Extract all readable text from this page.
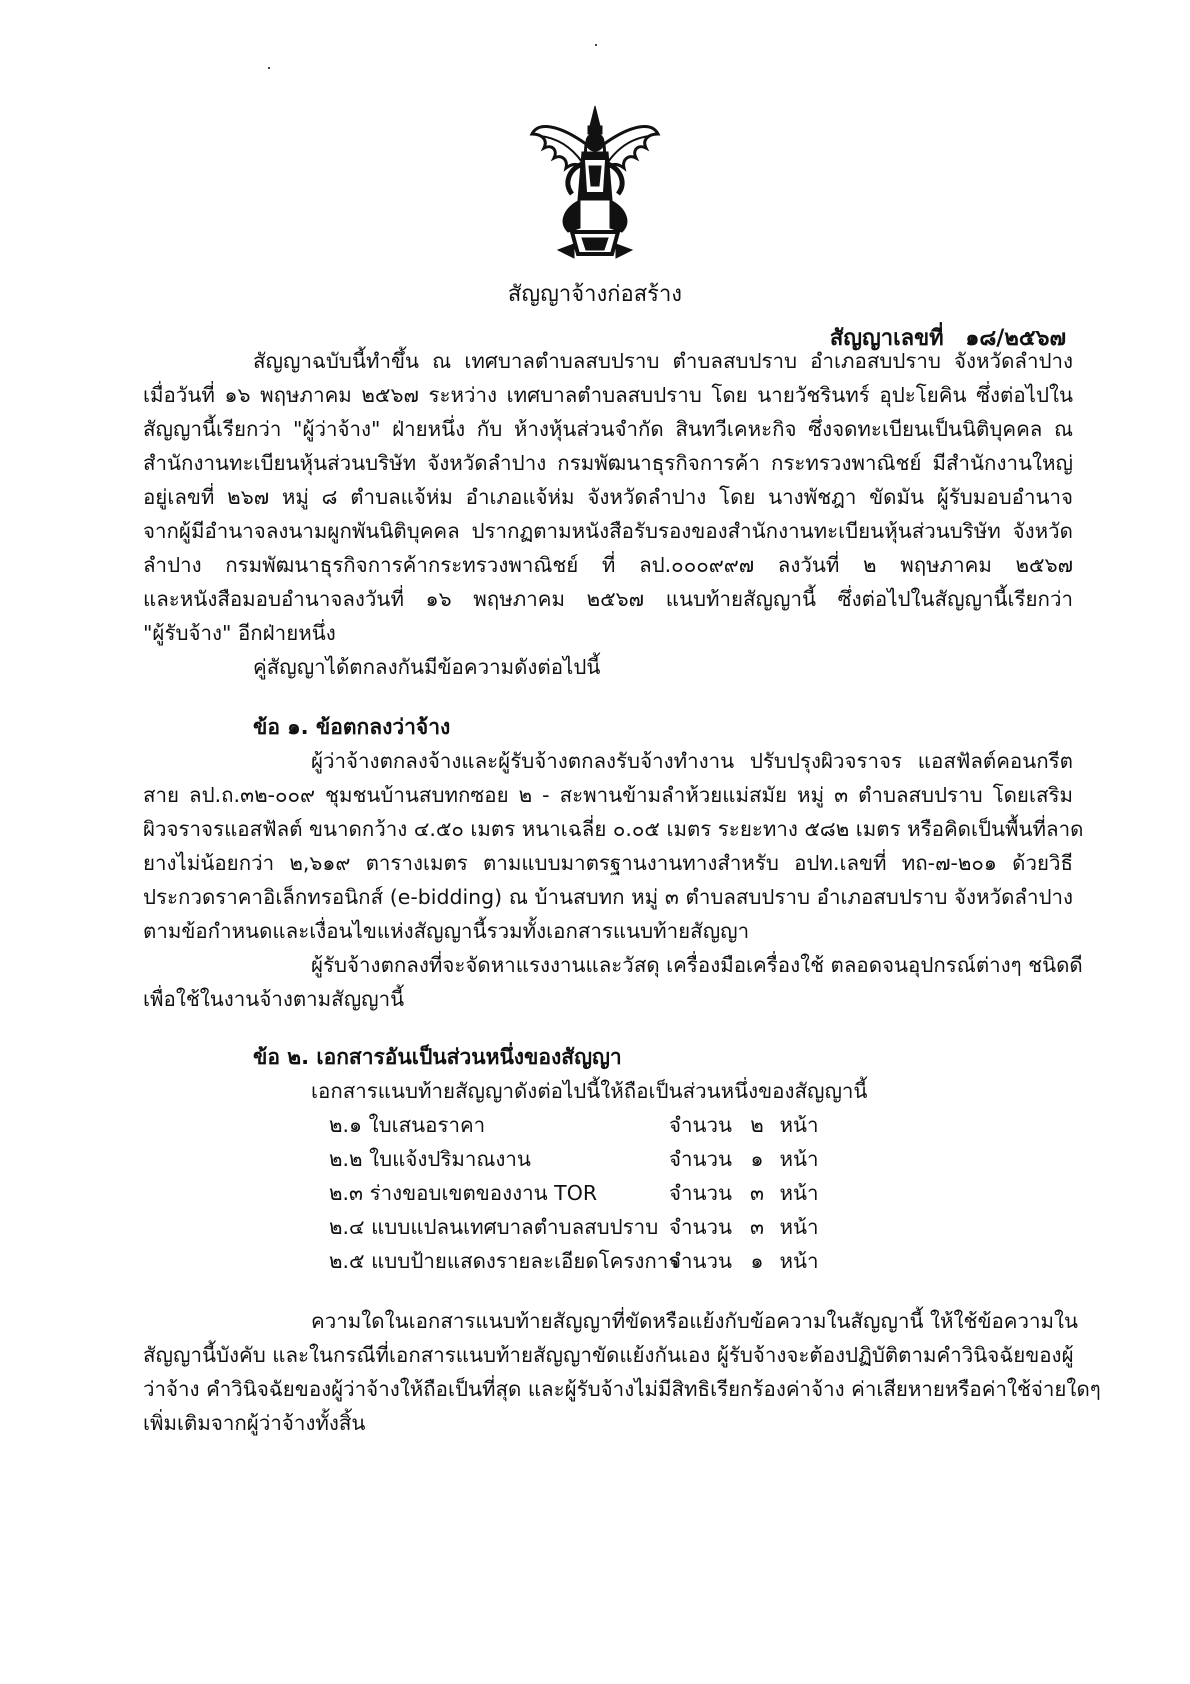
สัญญาจ้างก่อสร้าง
สัญญาเลขที่ ๑๘/๒๕๖๗
สัญญาฉบับนี้ทำขึ้น ณ เทศบาลตำบลสบปราบ ตำบลสบปราบ อำเภอสบปราบ จังหวัดลำปาง
เมื่อวันที่ ๑๖ พฤษภาคม ๒๕๖๗ ระหว่าง เทศบาลตำบลสบปราบ โดย นายวัชรินทร์ อุปะโยคิน ซึ่งต่อไปใน
สัญญานี้เรียกว่า "ผู้ว่าจ้าง" ฝ่ายหนึ่ง กับ ห้างหุ้นส่วนจำกัด สินทวีเคหะกิจ ซึ่งจดทะเบียนเป็นนิติบุคคล ณ
สำนักงานทะเบียนหุ้นส่วนบริษัท จังหวัดลำปาง กรมพัฒนาธุรกิจการค้า กระทรวงพาณิชย์ มีสำนักงานใหญ่
อยู่เลขที่ ๒๖๗ หมู่ ๘ ตำบลแจ้ห่ม อำเภอแจ้ห่ม จังหวัดลำปาง โดย นางพัชฎา ขัดมัน ผู้รับมอบอำนาจ
จากผู้มีอำนาจลงนามผูกพันนิติบุคคล ปรากฏตามหนังสือรับรองของสำนักงานทะเบียนหุ้นส่วนบริษัท จังหวัด
ลำปาง กรมพัฒนาธุรกิจการค้ากระทรวงพาณิชย์ ที่ ลป.๐๐๐๙๙๗ ลงวันที่ ๒ พฤษภาคม ๒๕๖๗
และหนังสือมอบอำนาจลงวันที่ ๑๖ พฤษภาคม ๒๕๖๗ แนบท้ายสัญญานี้ ซึ่งต่อไปในสัญญานี้เรียกว่า
"ผู้รับจ้าง" อีกฝ่ายหนึ่ง
คู่สัญญาได้ตกลงกันมีข้อความดังต่อไปนี้
ข้อ ๑. ข้อตกลงว่าจ้าง
ผู้ว่าจ้างตกลงจ้างและผู้รับจ้างตกลงรับจ้างทำงาน ปรับปรุงผิวจราจร แอสฟัลต์คอนกรีต
สาย ลป.ถ.๓๒-๐๐๙ ชุมชนบ้านสบทกซอย ๒ - สะพานข้ามลำห้วยแม่สมัย หมู่ ๓ ตำบลสบปราบ โดยเสริม
ผิวจราจรแอสฟัลต์ ขนาดกว้าง ๔.๕๐ เมตร หนาเฉลี่ย ๐.๐๕ เมตร ระยะทาง ๕๘๒ เมตร หรือคิดเป็นพื้นที่ลาด
ยางไม่น้อยกว่า ๒,๖๑๙ ตารางเมตร ตามแบบมาตรฐานงานทางสำหรับ อปท.เลขที่ ทถ-๗-๒๐๑ ด้วยวิธี
ประกวดราคาอิเล็กทรอนิกส์ (e-bidding) ณ บ้านสบทก หมู่ ๓ ตำบลสบปราบ อำเภอสบปราบ จังหวัดลำปาง
ตามข้อกำหนดและเงื่อนไขแห่งสัญญานี้รวมทั้งเอกสารแนบท้ายสัญญา
ผู้รับจ้างตกลงที่จะจัดหาแรงงานและวัสดุ เครื่องมือเครื่องใช้ ตลอดจนอุปกรณ์ต่างๆ ชนิดดี
เพื่อใช้ในงานจ้างตามสัญญานี้
ข้อ ๒. เอกสารอันเป็นส่วนหนึ่งของสัญญา
เอกสารแนบท้ายสัญญาดังต่อไปนี้ให้ถือเป็นส่วนหนึ่งของสัญญานี้
๒.๑ ใบเสนอราคา	จำนวน ๒ หน้า
๒.๒ ใบแจ้งปริมาณงาน	จำนวน ๑ หน้า
๒.๓ ร่างขอบเขตของงาน TOR	จำนวน ๓ หน้า
๒.๔ แบบแปลนเทศบาลตำบลสบปราบ จำนวน ๓ หน้า
๒.๕ แบบป้ายแสดงรายละเอียดโครงการจำนวน ๑ หน้า
ความใดในเอกสารแนบท้ายสัญญาที่ขัดหรือแย้งกับข้อความในสัญญานี้ ให้ใช้ข้อความใน
สัญญานี้บังคับ และในกรณีที่เอกสารแนบท้ายสัญญาขัดแย้งกันเอง ผู้รับจ้างจะต้องปฏิบัติตามคำวินิจฉัยของผู้
ว่าจ้าง คำวินิจฉัยของผู้ว่าจ้างให้ถือเป็นที่สุด และผู้รับจ้างไม่มีสิทธิเรียกร้องค่าจ้าง ค่าเสียหายหรือค่าใช้จ่ายใดๆ
เพิ่มเติมจากผู้ว่าจ้างทั้งสิ้น
